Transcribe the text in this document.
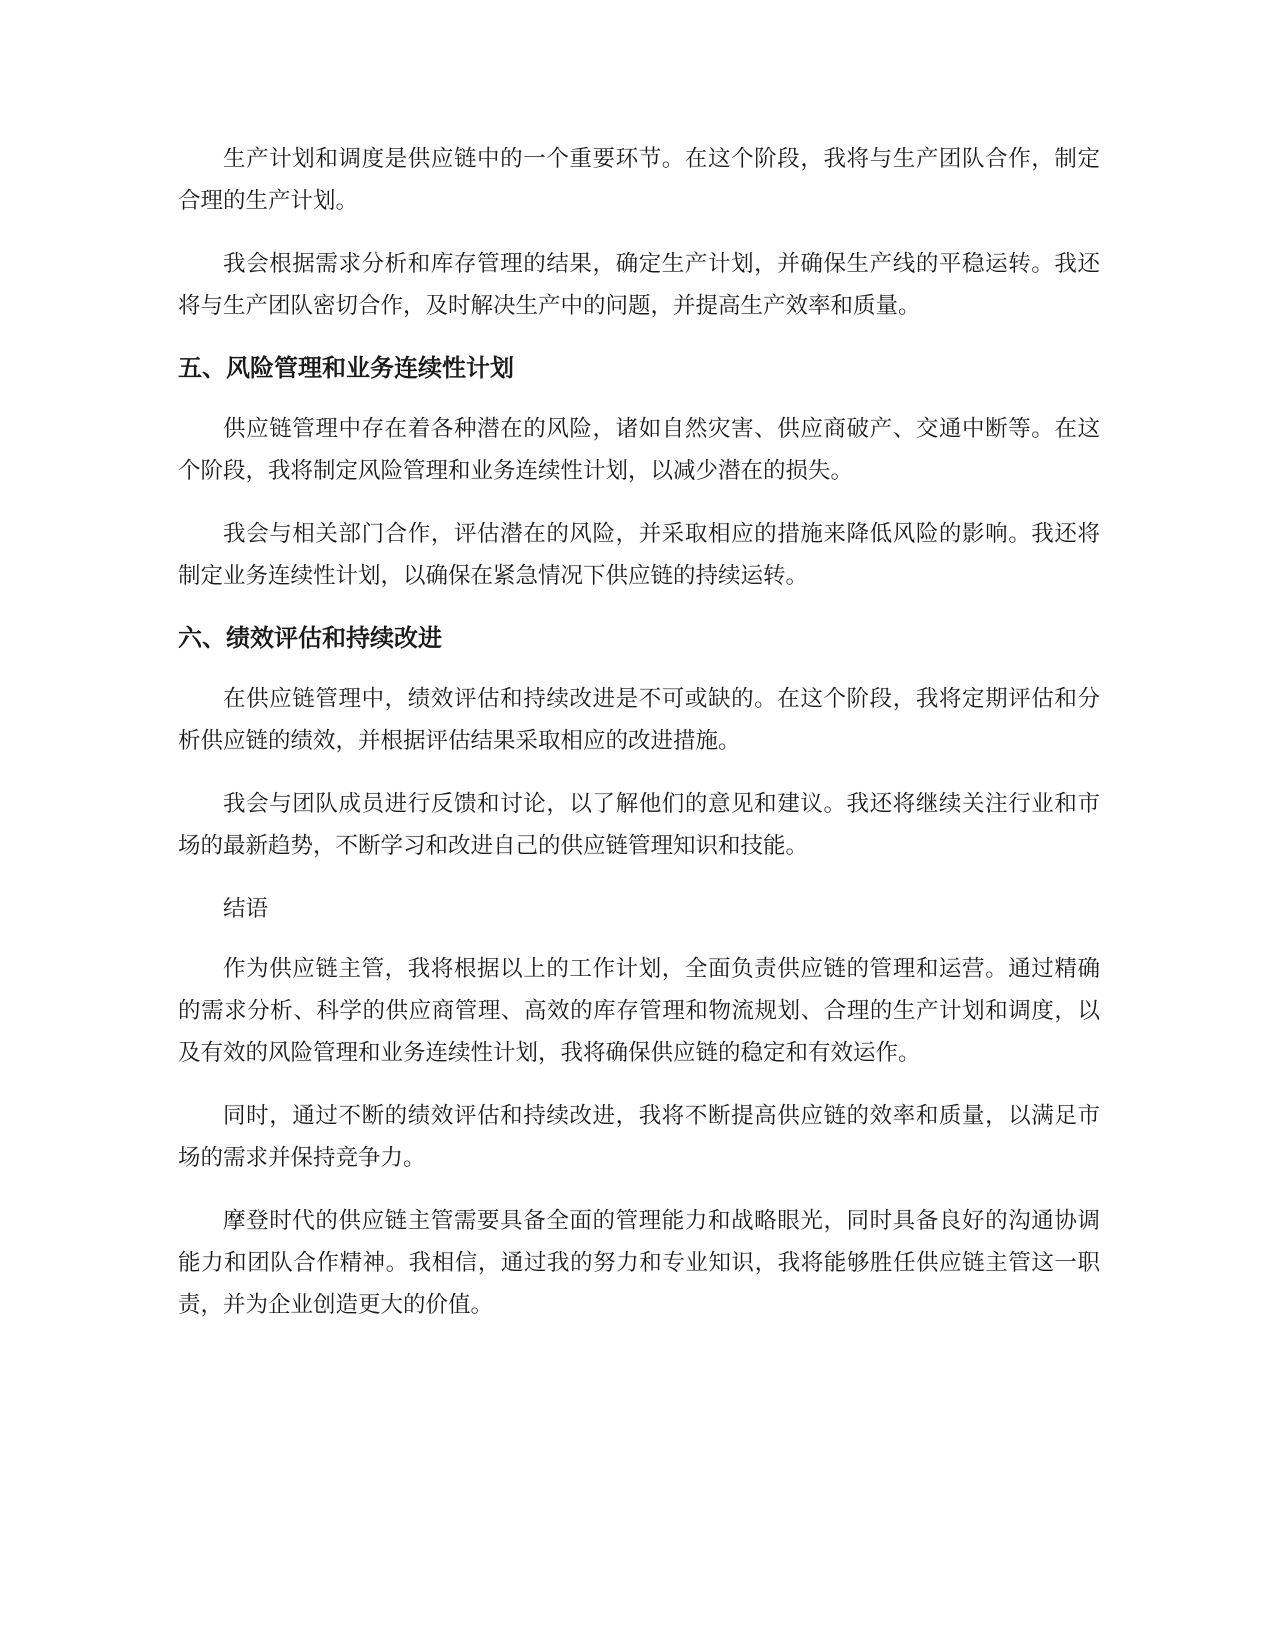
生产计划和调度是供应链中的一个重要环节。在这个阶段，我将与生产团队合作，制定合理的生产计划。

我会根据需求分析和库存管理的结果，确定生产计划，并确保生产线的平稳运转。我还将与生产团队密切合作，及时解决生产中的问题，并提高生产效率和质量。

五、风险管理和业务连续性计划

供应链管理中存在着各种潜在的风险，诸如自然灾害、供应商破产、交通中断等。在这个阶段，我将制定风险管理和业务连续性计划，以减少潜在的损失。

我会与相关部门合作，评估潜在的风险，并采取相应的措施来降低风险的影响。我还将制定业务连续性计划，以确保在紧急情况下供应链的持续运转。

六、绩效评估和持续改进

在供应链管理中，绩效评估和持续改进是不可或缺的。在这个阶段，我将定期评估和分析供应链的绩效，并根据评估结果采取相应的改进措施。

我会与团队成员进行反馈和讨论，以了解他们的意见和建议。我还将继续关注行业和市场的最新趋势，不断学习和改进自己的供应链管理知识和技能。

结语

作为供应链主管，我将根据以上的工作计划，全面负责供应链的管理和运营。通过精确的需求分析、科学的供应商管理、高效的库存管理和物流规划、合理的生产计划和调度，以及有效的风险管理和业务连续性计划，我将确保供应链的稳定和有效运作。

同时，通过不断的绩效评估和持续改进，我将不断提高供应链的效率和质量，以满足市场的需求并保持竞争力。

摩登时代的供应链主管需要具备全面的管理能力和战略眼光，同时具备良好的沟通协调能力和团队合作精神。我相信，通过我的努力和专业知识，我将能够胜任供应链主管这一职责，并为企业创造更大的价值。
